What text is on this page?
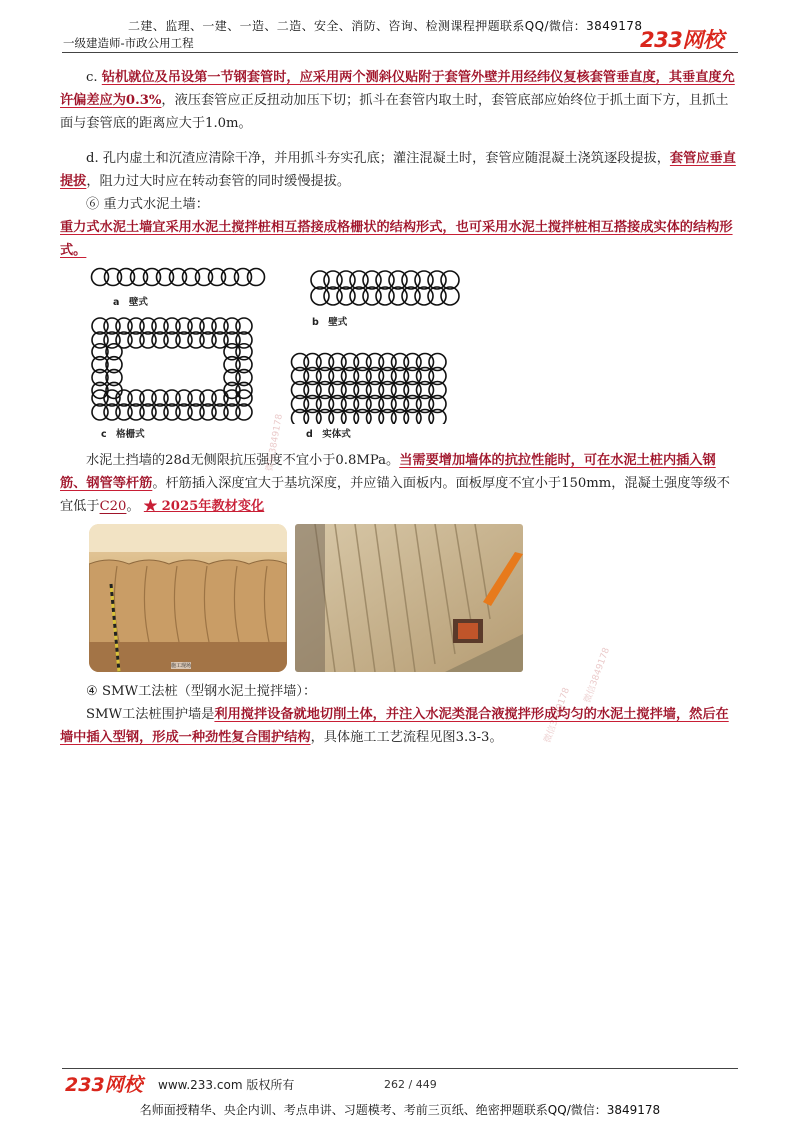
二建、监理、一建、一造、二造、安全、消防、咨询、检测课程押题联系QQ/微信：3849178
一级建造师-市政公用工程	233网校
c. 钻机就位及吊设第一节钢套管时，应采用两个测斜仪贴附于套管外壁并用经纬仪复核套管垂直度，其垂直度允许偏差应为0.3%，液压套管应正反扭动加压下切；抓斗在套管内取土时，套管底部应始终位于抓土面下方，且抓土面与套管底的距离应大于1.0m。
d. 孔内虚土和沉渣应清除干净，并用抓斗夯实孔底；灌注混凝土时，套管应随混凝土浇筑逐段提拔，套管应垂直提拔，阻力过大时应在转动套管的同时缓慢提拔。
⑥ 重力式水泥土墙：
重力式水泥土墙宜采用水泥土搅拌桩相互搭接成格栅状的结构形式，也可采用水泥土搅拌桩相互搭接成实体的结构形式。
a　壁式
b　壁式
c　格栅式	d　实体式
水泥土挡墙的28d无侧限抗压强度不宜小于0.8MPa。当需要增加墙体的抗拉性能时，可在水泥土桩内插入钢筋、钢管等杆筋。杆筋插入深度宜大于基坑深度，并应锚入面板内。面板厚度不宜小于150mm，混凝土强度等级不宜低于C20。 ★ 2025年教材变化
施工现场
微信3849178
微信3849178
微信3849178
④ SMW工法桩（型钢水泥土搅拌墙）：
SMW工法桩围护墙是利用搅拌设备就地切削土体，并注入水泥类混合液搅拌形成均匀的水泥土搅拌墙，然后在墙中插入型钢，形成一种劲性复合围护结构，具体施工工艺流程见图3.3-3。
233网校 www.233.com 版权所有	262 / 449
名师面授精华、央企内训、考点串讲、习题模考、考前三页纸、绝密押题联系QQ/微信：3849178
